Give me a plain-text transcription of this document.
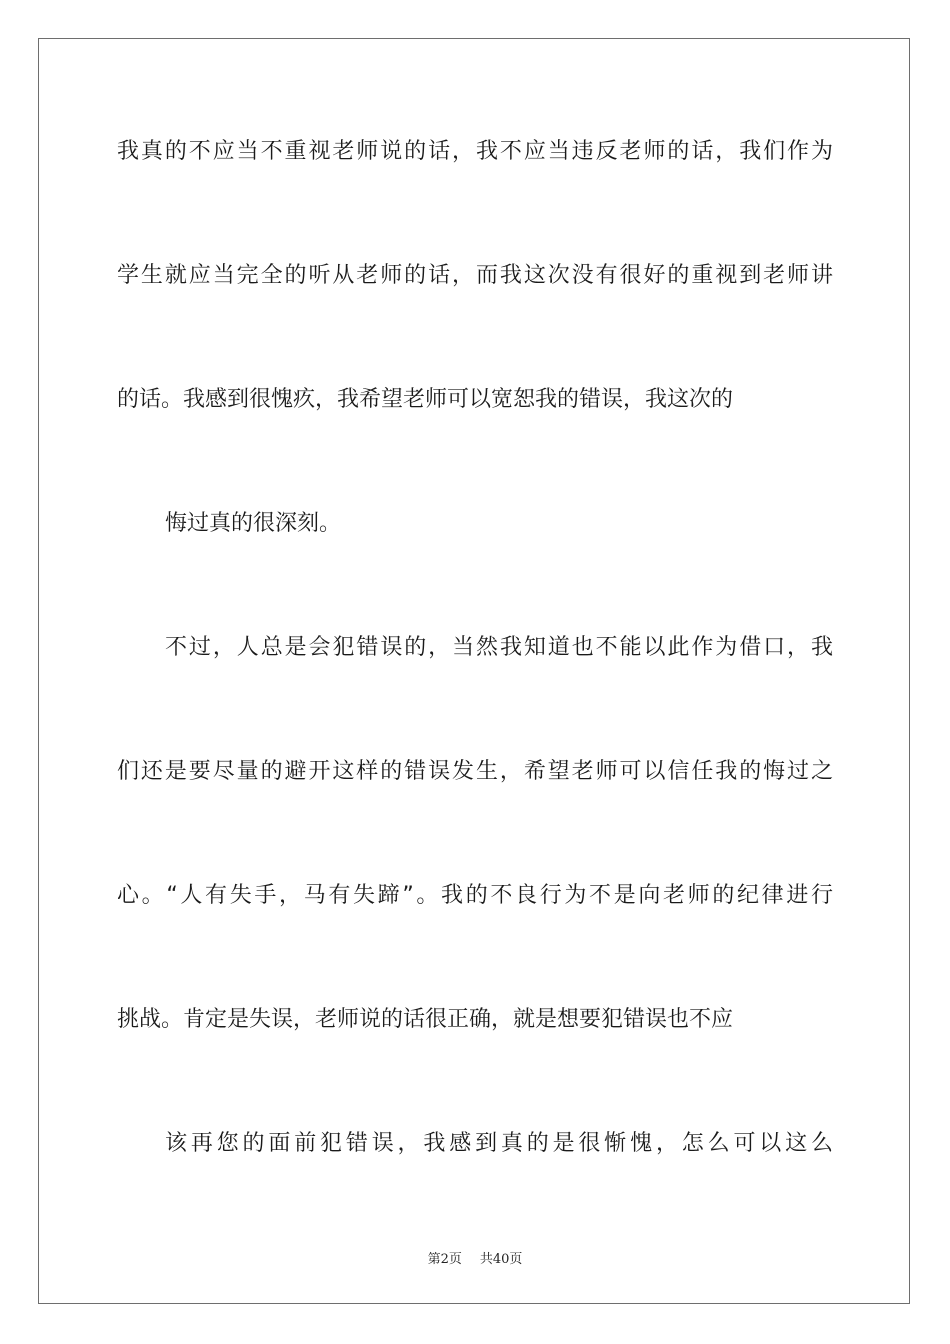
我真的不应当不重视老师说的话，我不应当违反老师的话，我们作为
学生就应当完全的听从老师的话，而我这次没有很好的重视到老师讲
的话。我感到很愧疚，我希望老师可以宽恕我的错误，我这次的
悔过真的很深刻。
不过，人总是会犯错误的，当然我知道也不能以此作为借口，我
们还是要尽量的避开这样的错误发生，希望老师可以信任我的悔过之
心。“人有失手，马有失蹄”。我的不良行为不是向老师的纪律进行
挑战。肯定是失误，老师说的话很正确，就是想要犯错误也不应
该再您的面前犯错误，我感到真的是很惭愧，怎么可以这么
第2页 共40页
